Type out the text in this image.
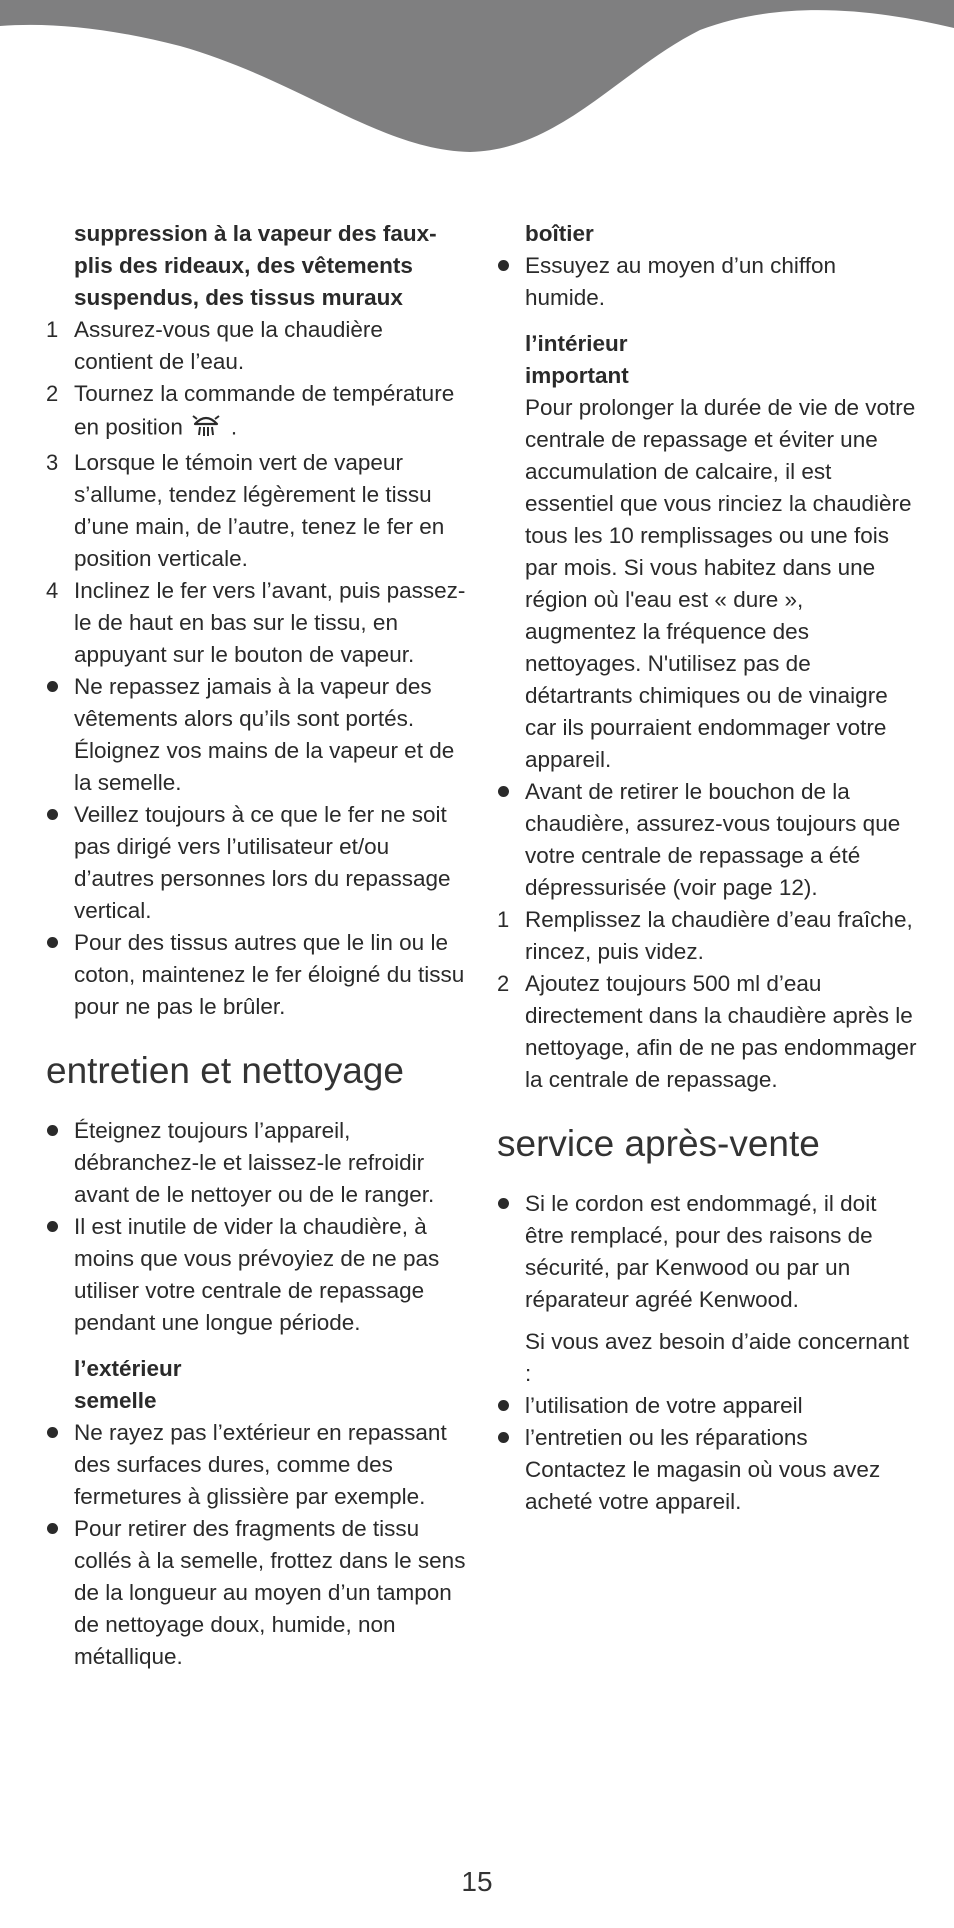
suppression à la vapeur des faux-plis des rideaux, des vêtements suspendus, des tissus muraux
1 Assurez-vous que la chaudière contient de l’eau.
2 Tournez la commande de température en position .
3 Lorsque le témoin vert de vapeur s’allume, tendez légèrement le tissu d’une main, de l’autre, tenez le fer en position verticale.
4 Inclinez le fer vers l’avant, puis passez-le de haut en bas sur le tissu, en appuyant sur le bouton de vapeur.
Ne repassez jamais à la vapeur des vêtements alors qu’ils sont portés. Éloignez vos mains de la vapeur et de la semelle.
Veillez toujours à ce que le fer ne soit pas dirigé vers l’utilisateur et/ou d’autres personnes lors du repassage vertical.
Pour des tissus autres que le lin ou le coton, maintenez le fer éloigné du tissu pour ne pas le brûler.
entretien et nettoyage
Éteignez toujours l’appareil, débranchez-le et laissez-le refroidir avant de le nettoyer ou de le ranger.
Il est inutile de vider la chaudière, à moins que vous prévoyiez de ne pas utiliser votre centrale de repassage pendant une longue période.
l’extérieur
semelle
Ne rayez pas l’extérieur en repassant des surfaces dures, comme des fermetures à glissière par exemple.
Pour retirer des fragments de tissu collés à la semelle, frottez dans le sens de la longueur au moyen d’un tampon de nettoyage doux, humide, non métallique.
boîtier
Essuyez au moyen d’un chiffon humide.
l’intérieur
important
Pour prolonger la durée de vie de votre centrale de repassage et éviter une accumulation de calcaire, il est essentiel que vous rinciez la chaudière tous les 10 remplissages ou une fois par mois. Si vous habitez dans une région où l'eau est « dure », augmentez la fréquence des nettoyages. N'utilisez pas de détartrants chimiques ou de vinaigre car ils pourraient endommager votre appareil.
Avant de retirer le bouchon de la chaudière, assurez-vous toujours que votre centrale de repassage a été dépressurisée (voir page 12).
1 Remplissez la chaudière d’eau fraîche, rincez, puis videz.
2 Ajoutez toujours 500 ml d’eau directement dans la chaudière après le nettoyage, afin de ne pas endommager la centrale de repassage.
service après-vente
Si le cordon est endommagé, il doit être remplacé, pour des raisons de sécurité, par Kenwood ou par un réparateur agréé Kenwood.
Si vous avez besoin d’aide concernant :
l’utilisation de votre appareil
l’entretien ou les réparations
Contactez le magasin où vous avez acheté votre appareil.
15
